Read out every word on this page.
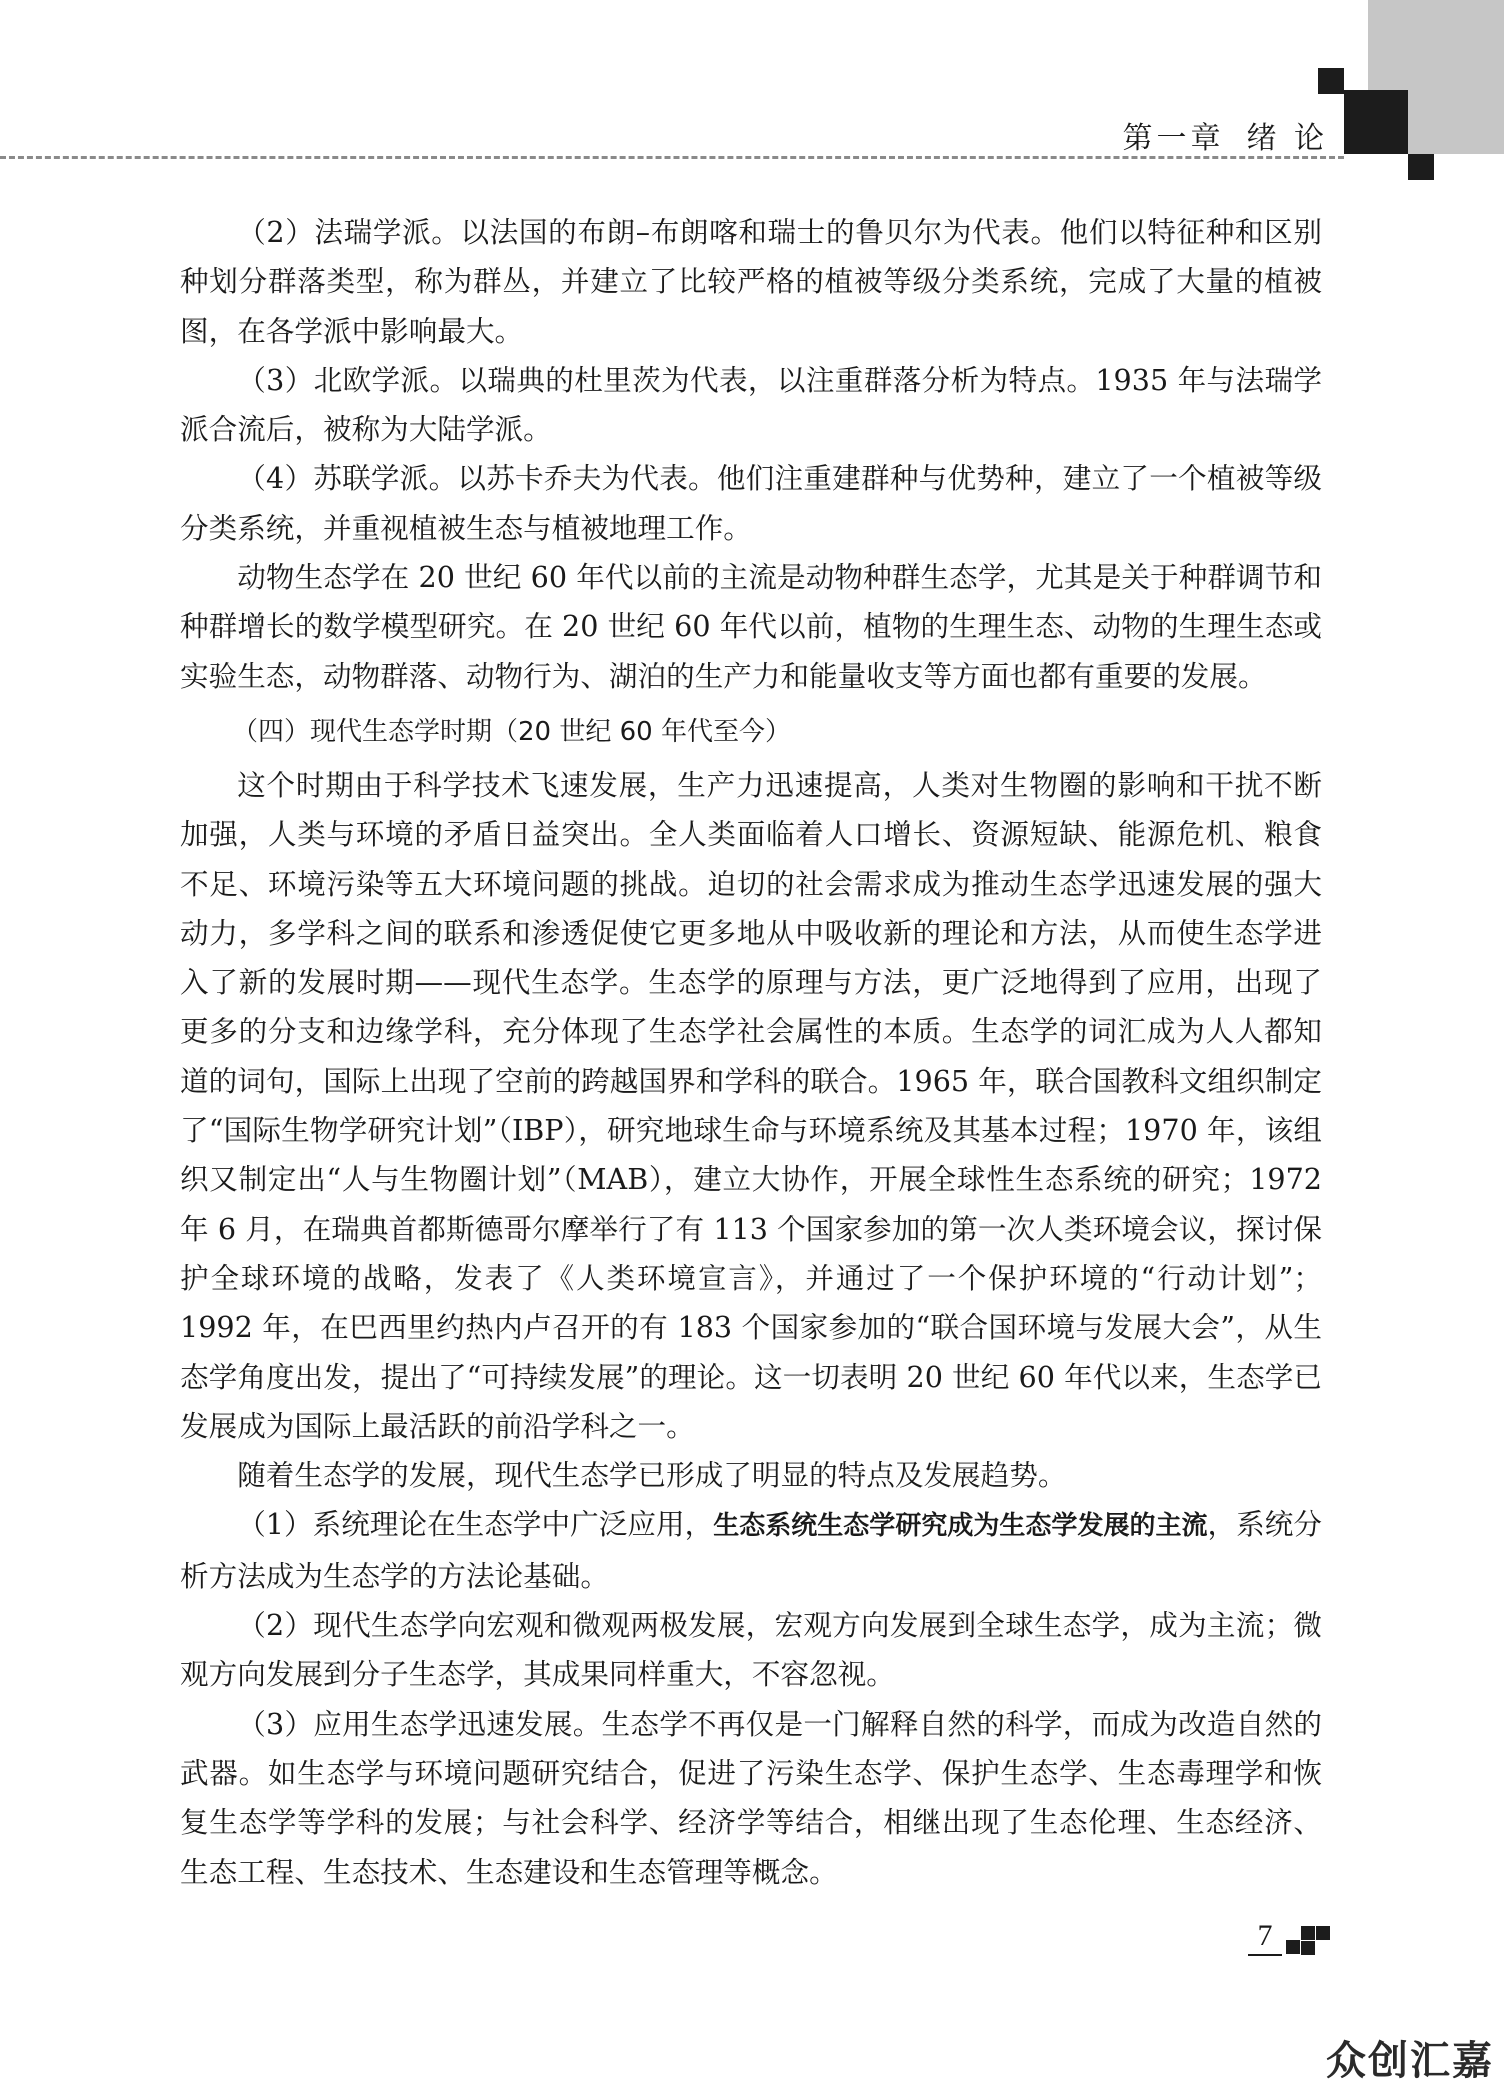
第一章 绪 论

（2）法瑞学派。以法国的布朗–布朗喀和瑞士的鲁贝尔为代表。他们以特征种和区别种划分群落类型，称为群丛，并建立了比较严格的植被等级分类系统，完成了大量的植被图，在各学派中影响最大。

（3）北欧学派。以瑞典的杜里茨为代表，以注重群落分析为特点。1935 年与法瑞学派合流后，被称为大陆学派。

（4）苏联学派。以苏卡乔夫为代表。他们注重建群种与优势种，建立了一个植被等级分类系统，并重视植被生态与植被地理工作。

动物生态学在 20 世纪 60 年代以前的主流是动物种群生态学，尤其是关于种群调节和种群增长的数学模型研究。在 20 世纪 60 年代以前，植物的生理生态、动物的生理生态或实验生态，动物群落、动物行为、湖泊的生产力和能量收支等方面也都有重要的发展。

（四）现代生态学时期（20 世纪 60 年代至今）

这个时期由于科学技术飞速发展，生产力迅速提高，人类对生物圈的影响和干扰不断加强，人类与环境的矛盾日益突出。全人类面临着人口增长、资源短缺、能源危机、粮食不足、环境污染等五大环境问题的挑战。迫切的社会需求成为推动生态学迅速发展的强大动力，多学科之间的联系和渗透促使它更多地从中吸收新的理论和方法，从而使生态学进入了新的发展时期——现代生态学。生态学的原理与方法，更广泛地得到了应用，出现了更多的分支和边缘学科，充分体现了生态学社会属性的本质。生态学的词汇成为人人都知道的词句，国际上出现了空前的跨越国界和学科的联合。1965 年，联合国教科文组织制定了“国际生物学研究计划”（IBP），研究地球生命与环境系统及其基本过程；1970 年，该组织又制定出“人与生物圈计划”（MAB），建立大协作，开展全球性生态系统的研究；1972 年 6 月，在瑞典首都斯德哥尔摩举行了有 113 个国家参加的第一次人类环境会议，探讨保护全球环境的战略，发表了《人类环境宣言》，并通过了一个保护环境的“行动计划”；1992 年，在巴西里约热内卢召开的有 183 个国家参加的“联合国环境与发展大会”，从生态学角度出发，提出了“可持续发展”的理论。这一切表明 20 世纪 60 年代以来，生态学已发展成为国际上最活跃的前沿学科之一。

随着生态学的发展，现代生态学已形成了明显的特点及发展趋势。

（1）系统理论在生态学中广泛应用，生态系统生态学研究成为生态学发展的主流，系统分析方法成为生态学的方法论基础。

（2）现代生态学向宏观和微观两极发展，宏观方向发展到全球生态学，成为主流；微观方向发展到分子生态学，其成果同样重大，不容忽视。

（3）应用生态学迅速发展。生态学不再仅是一门解释自然的科学，而成为改造自然的武器。如生态学与环境问题研究结合，促进了污染生态学、保护生态学、生态毒理学和恢复生态学等学科的发展；与社会科学、经济学等结合，相继出现了生态伦理、生态经济、生态工程、生态技术、生态建设和生态管理等概念。

7
众创汇嘉
